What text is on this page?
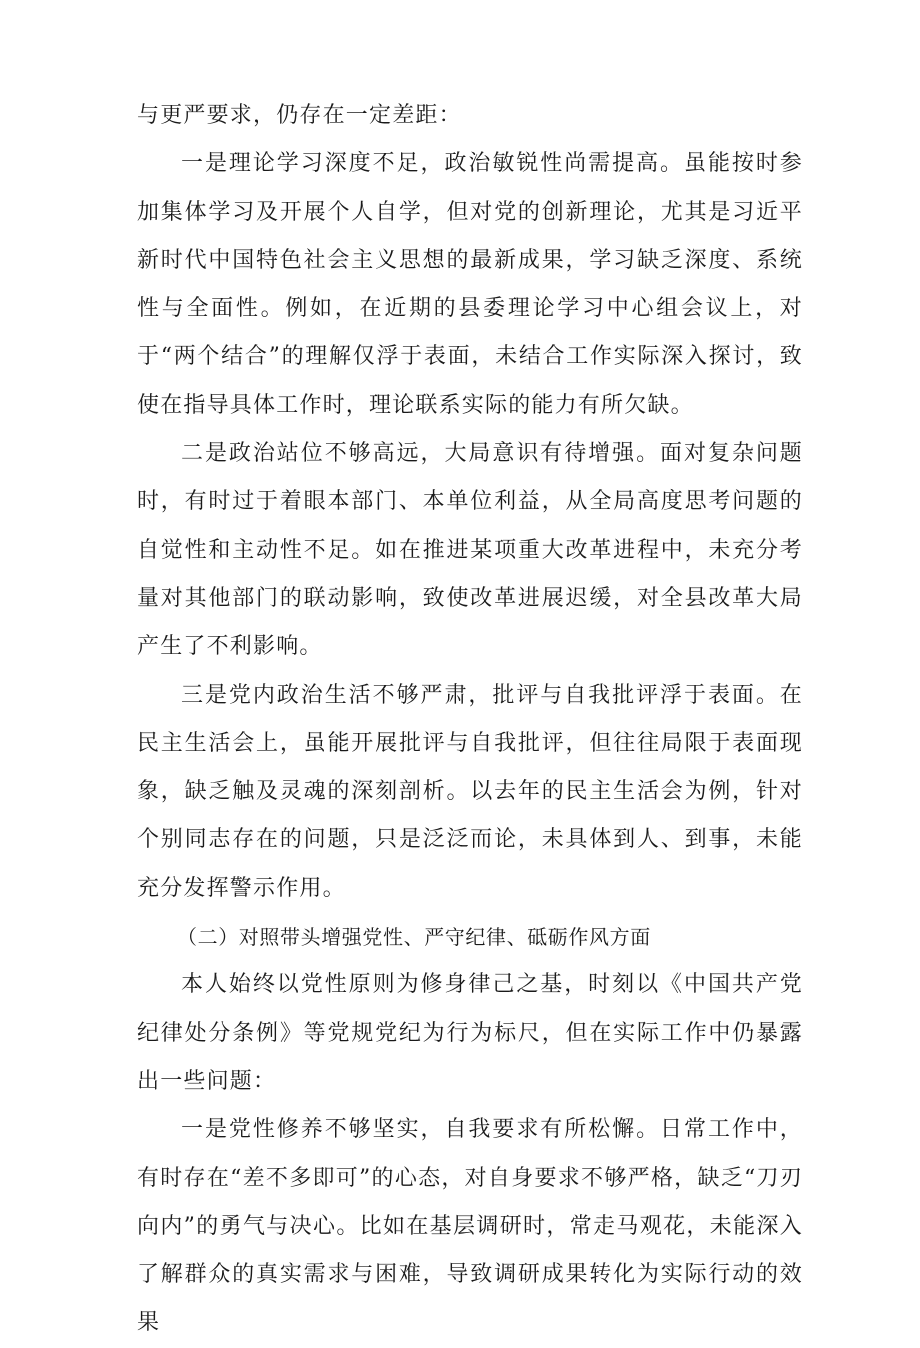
与更严要求，仍存在一定差距：

一是理论学习深度不足，政治敏锐性尚需提高。虽能按时参加集体学习及开展个人自学，但对党的创新理论，尤其是习近平新时代中国特色社会主义思想的最新成果，学习缺乏深度、系统性与全面性。例如，在近期的县委理论学习中心组会议上，对于“两个结合”的理解仅浮于表面，未结合工作实际深入探讨，致使在指导具体工作时，理论联系实际的能力有所欠缺。

二是政治站位不够高远，大局意识有待增强。面对复杂问题时，有时过于着眼本部门、本单位利益，从全局高度思考问题的自觉性和主动性不足。如在推进某项重大改革进程中，未充分考量对其他部门的联动影响，致使改革进展迟缓，对全县改革大局产生了不利影响。

三是党内政治生活不够严肃，批评与自我批评浮于表面。在民主生活会上，虽能开展批评与自我批评，但往往局限于表面现象，缺乏触及灵魂的深刻剖析。以去年的民主生活会为例，针对个别同志存在的问题，只是泛泛而论，未具体到人、到事，未能充分发挥警示作用。

（二）对照带头增强党性、严守纪律、砥砺作风方面

本人始终以党性原则为修身律己之基，时刻以《中国共产党纪律处分条例》等党规党纪为行为标尺，但在实际工作中仍暴露出一些问题：

一是党性修养不够坚实，自我要求有所松懈。日常工作中，有时存在“差不多即可”的心态，对自身要求不够严格，缺乏“刀刃向内”的勇气与决心。比如在基层调研时，常走马观花，未能深入了解群众的真实需求与困难，导致调研成果转化为实际行动的效果
